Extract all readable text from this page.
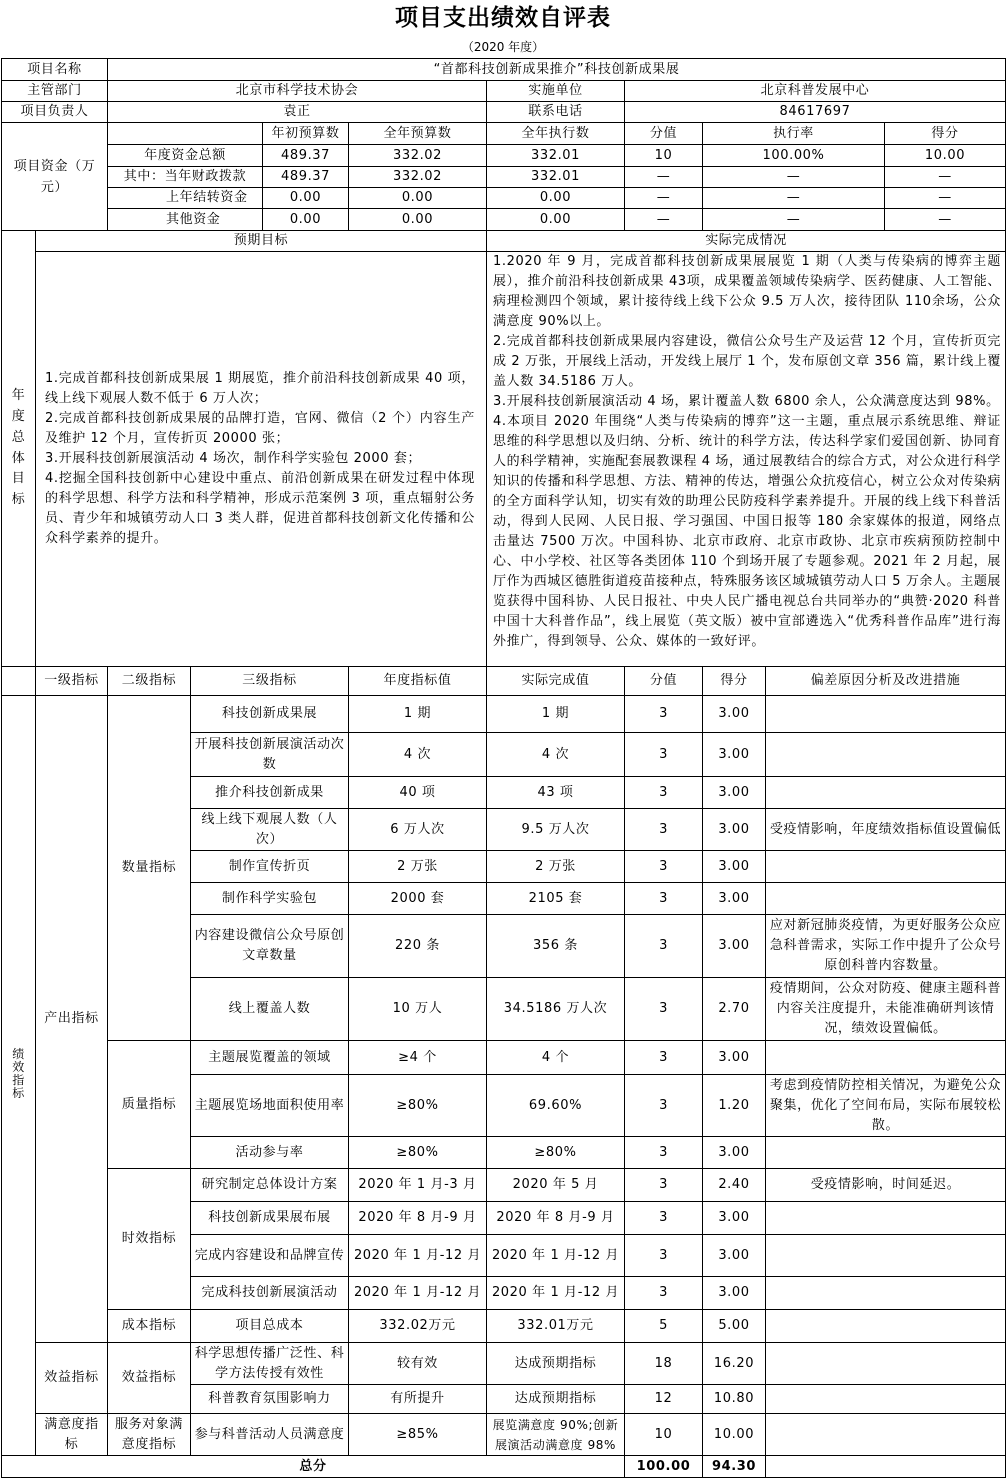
项目支出绩效自评表
（2020 年度）
项目名称		“首都科技创新成果推介”科技创新成果展								
主管部门		北京市科学技术协会				实施单位	北京科普发展中心			
项目负责人		袁正				联系电话	84617697			
项目资金（万元）				年初预算数	全年预算数	全年执行数	分值	执行率		得分
		年度资金总额		489.37	332.02	332.01	10	100.00%		10.00
		其中：当年财政拨款		489.37	332.02	332.01	—	—		—
		上年结转资金		0.00	0.00	0.00	—	—		—
		其他资金		0.00	0.00	0.00	—	—		—
年度总体目标	预期目标					实际完成情况				

1.完成首都科技创新成果展 1 期展览，推介前沿科技创新成果 40 项，线上线下观展人数不低于 6 万人次；

2.完成首都科技创新成果展的品牌打造，官网、微信（2 个）内容生产及维护 12 个月，宣传折页 20000 张；

3.开展科技创新展演活动 4 场次，制作科学实验包 2000 套；

4.挖掘全国科技创新中心建设中重点、前沿创新成果在研发过程中体现的科学思想、科学方法和科学精神，形成示范案例 3 项，重点辐射公务员、青少年和城镇劳动人口 3 类人群，促进首都科技创新文化传播和公众科学素养的提升。

1.2020 年 9 月，完成首都科技创新成果展展览 1 期（人类与传染病的博弈主题展），推介前沿科技创新成果 43项，成果覆盖领域传染病学、医药健康、人工智能、病理检测四个领域，累计接待线上线下公众 9.5 万人次，接待团队 110余场，公众满意度 90%以上。

2.完成首都科技创新成果展内容建设，微信公众号生产及运营 12 个月，宣传折页完成 2 万张，开展线上活动，开发线上展厅 1 个，发布原创文章 356 篇，累计线上覆盖人数 34.5186 万人。

3.开展科技创新展演活动 4 场，累计覆盖人数 6800 余人，公众满意度达到 98%。

4.本项目 2020 年围绕“人类与传染病的博弈”这一主题，重点展示系统思维、辩证思维的科学思想以及归纳、分析、统计的科学方法，传达科学家们爱国创新、协同育人的科学精神，实施配套展教课程 4 场，通过展教结合的综合方式，对公众进行科学知识的传播和科学思想、方法、精神的传达，增强公众抗疫信心，树立公众对传染病的全方面科学认知，切实有效的助理公民防疫科学素养提升。开展的线上线下科普活动，得到人民网、人民日报、学习强国、中国日报等 180 余家媒体的报道，网络点击量达 7500 万次。中国科协、北京市政府、北京市政协、北京市疾病预防控制中心、中小学校、社区等各类团体 110 个到场开展了专题参观。2021 年 2 月起，展厅作为西城区德胜街道疫苗接种点，特殊服务该区域城镇劳动人口 5 万余人。主题展览获得中国科协、人民日报社、中央人民广播电视总台共同举办的“典赞·2020 科普中国十大科普作品”，线上展览（英文版）被中宣部遴选入“优秀科普作品库”进行海外推广，得到领导、公众、媒体的一致好评。

	一级指标	二级指标	三级指标		年度指标值	实际完成值	分值	得分	偏差原因分析及改进措施	
绩效指标	产出指标	数量指标	科技创新成果展		1 期	1 期	3	3.00		
			开展科技创新展演活动次数		4 次	4 次	3	3.00		
			推介科技创新成果		40 项	43 项	3	3.00		
			线上线下观展人数（人次）		6 万人次	9.5 万人次	3	3.00	受疫情影响，年度绩效指标值设置偏低	
			制作宣传折页		2 万张	2 万张	3	3.00		
			制作科学实验包		2000 套	2105 套	3	3.00		
			内容建设微信公众号原创文章数量		220 条	356 条	3	3.00	应对新冠肺炎疫情，为更好服务公众应急科普需求，实际工作中提升了公众号原创科普内容数量。	
			线上覆盖人数		10 万人	34.5186 万人次	3	2.70	疫情期间，公众对防疫、健康主题科普内容关注度提升，未能准确研判该情况，绩效设置偏低。	
		质量指标	主题展览覆盖的领域		≥4 个	4 个	3	3.00		
			主题展览场地面积使用率		≥80%	69.60%	3	1.20	考虑到疫情防控相关情况，为避免公众聚集，优化了空间布局，实际布展较松散。	
			活动参与率		≥80%	≥80%	3	3.00		
		时效指标	研究制定总体设计方案		2020 年 1 月-3 月	2020 年 5 月	3	2.40	受疫情影响，时间延迟。	
			科技创新成果展布展		2020 年 8 月-9 月	2020 年 8 月-9 月	3	3.00		
			完成内容建设和品牌宣传		2020 年 1 月-12 月	2020 年 1 月-12 月	3	3.00		
			完成科技创新展演活动		2020 年 1 月-12 月	2020 年 1 月-12 月	3	3.00		
		成本指标	项目总成本		332.02万元	332.01万元	5	5.00		
	效益指标	效益指标	科学思想传播广泛性、科学方法传授有效性		较有效	达成预期指标	18	16.20		
			科普教育氛围影响力		有所提升	达成预期指标	12	10.80		
	满意度指标	服务对象满意度指标	参与科普活动人员满意度		≥85%	展览满意度 90%;创新展演活动满意度 98%	10	10.00		
总分							100.00	94.30		
